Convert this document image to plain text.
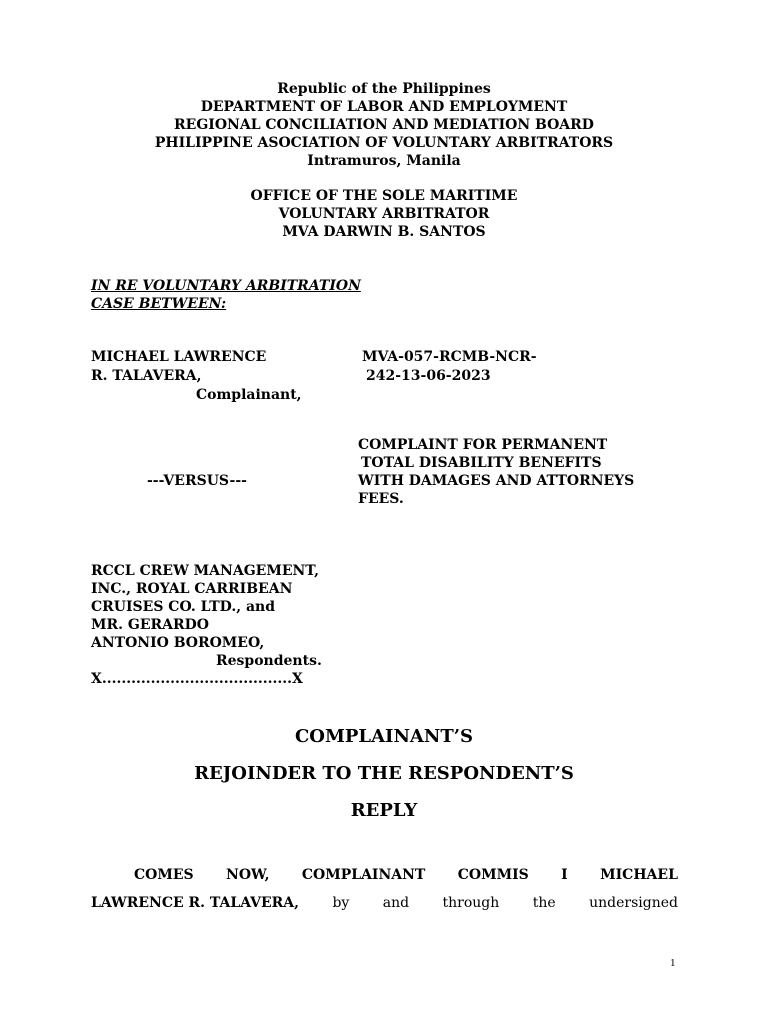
Republic of the Philippines
DEPARTMENT OF LABOR AND EMPLOYMENT
REGIONAL CONCILIATION AND MEDIATION BOARD
PHILIPPINE ASOCIATION OF VOLUNTARY ARBITRATORS
Intramuros, Manila
OFFICE OF THE SOLE MARITIME
VOLUNTARY ARBITRATOR
MVA DARWIN B. SANTOS
IN RE VOLUNTARY ARBITRATION
CASE BETWEEN:
MICHAEL LAWRENCE
R. TALAVERA,
Complainant,
MVA-057-RCMB-NCR-
242-13-06-2023
COMPLAINT FOR PERMANENT
TOTAL DISABILITY BENEFITS
WITH DAMAGES AND ATTORNEYS
FEES.
---VERSUS---
RCCL CREW MANAGEMENT,
INC., ROYAL CARRIBEAN
CRUISES CO. LTD., and
MR. GERARDO
ANTONIO BOROMEO,
Respondents.
X.......................................X
COMPLAINANT’S
REJOINDER TO THE RESPONDENT’S
REPLY
COMES NOW, COMPLAINANT COMMIS I MICHAEL
LAWRENCE R. TALAVERA, by and through the undersigned
1
